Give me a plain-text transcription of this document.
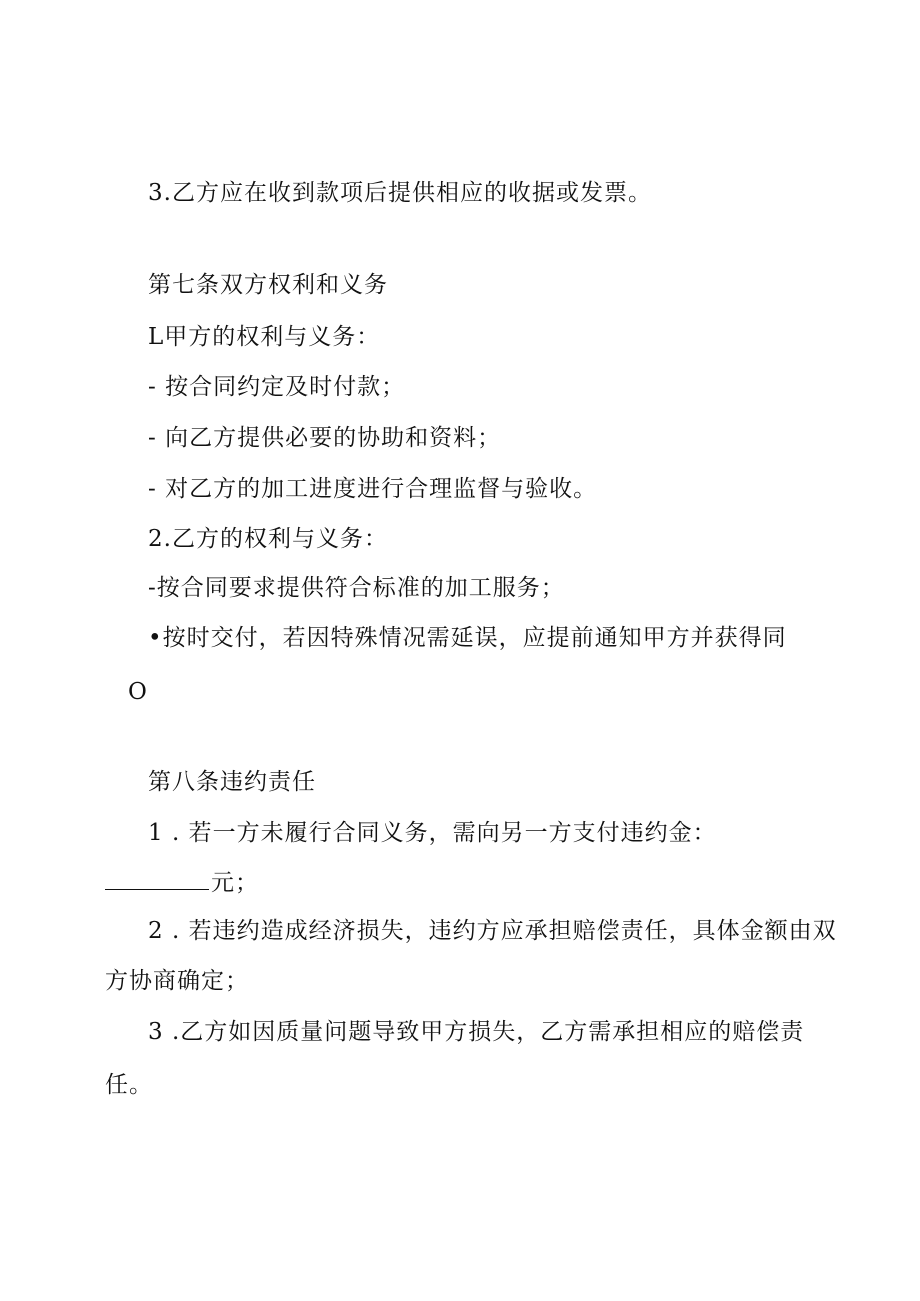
3.乙方应在收到款项后提供相应的收据或发票。
第七条双方权利和义务
L甲方的权利与义务：
- 按合同约定及时付款；
- 向乙方提供必要的协助和资料；
- 对乙方的加工进度进行合理监督与验收。
2.乙方的权利与义务：
-按合同要求提供符合标准的加工服务；
•按时交付，若因特殊情况需延误，应提前通知甲方并获得同
O
第八条违约责任
1 . 若一方未履行合同义务，需向另一方支付违约金：
元；
2 . 若违约造成经济损失，违约方应承担赔偿责任，具体金额由双
方协商确定；
3 .乙方如因质量问题导致甲方损失，乙方需承担相应的赔偿责
任。
